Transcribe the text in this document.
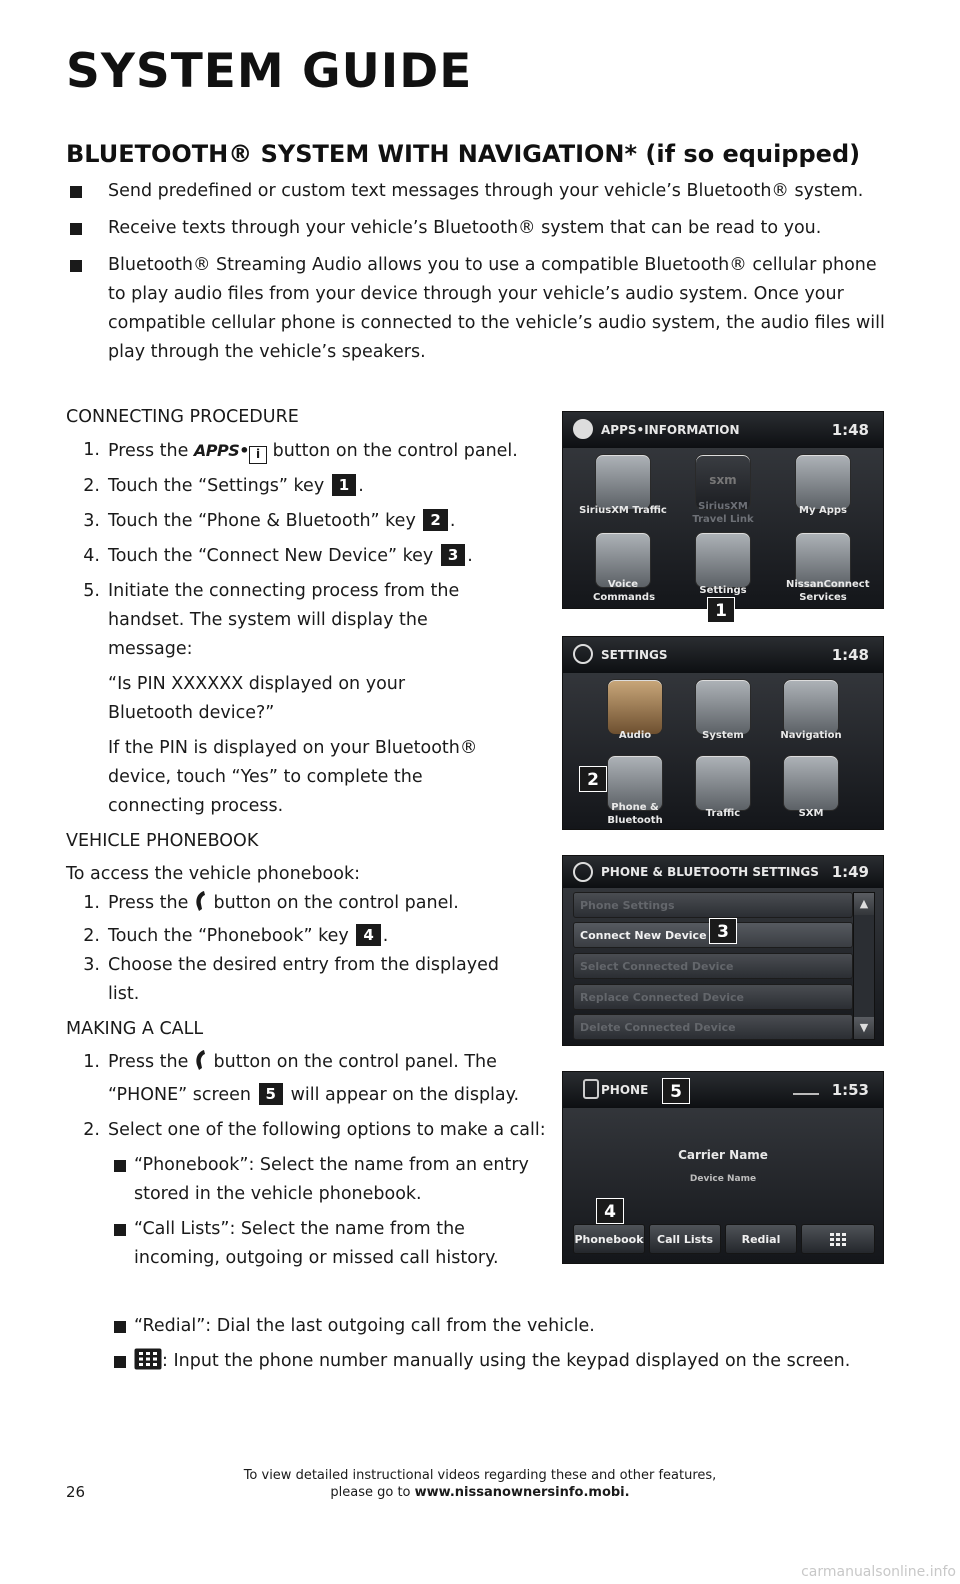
SYSTEM GUIDE
BLUETOOTH® SYSTEM WITH NAVIGATION* (if so equipped)
Send predefined or custom text messages through your vehicle’s Bluetooth® system.
Receive texts through your vehicle’s Bluetooth® system that can be read to you.
Bluetooth® Streaming Audio allows you to use a compatible Bluetooth® cellular phone to play audio files from your device through your vehicle’s audio system. Once your compatible cellular phone is connected to the vehicle’s audio system, the audio files will play through the vehicle’s speakers.
CONNECTING PROCEDURE
1. Press the APPS• i button on the control panel.
2. Touch the “Settings” key 1 .
3. Touch the “Phone & Bluetooth” key 2 .
4. Touch the “Connect New Device” key 3 .
5. Initiate the connecting process from the handset. The system will display the message:
“Is PIN XXXXXX displayed on your Bluetooth device?”
If the PIN is displayed on your Bluetooth® device, touch “Yes” to complete the connecting process.
VEHICLE PHONEBOOK
To access the vehicle phonebook:
1. Press the button on the control panel.
2. Touch the “Phonebook” key 4 .
3. Choose the desired entry from the displayed list.
MAKING A CALL
1. Press the button on the control panel. The “PHONE” screen 5 will appear on the display.
2. Select one of the following options to make a call:
“Phonebook”: Select the name from an entry stored in the vehicle phonebook.
“Call Lists”: Select the name from the incoming, outgoing or missed call history.
“Redial”: Dial the last outgoing call from the vehicle.
: Input the phone number manually using the keypad displayed on the screen.
APPS•INFORMATION	1:48
sxm
SiriusXM Traffic	SiriusXM Travel Link
My Apps
Voice Commands
Settings
NissanConnect Services
1
SETTINGS	1:48
Audio	System	Navigation
Phone & Bluetooth
Traffic	SXM
2
PHONE & BLUETOOTH SETTINGS 1:49
Phone Settings
Connect New Device
Select Connected Device
Replace Connected Device
Delete Connected Device
▲
▼
3
PHONE	1:53
Carrier Name
Device Name
Phonebook	Call Lists	Redial
5
4
To view detailed instructional videos regarding these and other features,
please go to www.nissanownersinfo.mobi.
26
carmanualsonline.info
